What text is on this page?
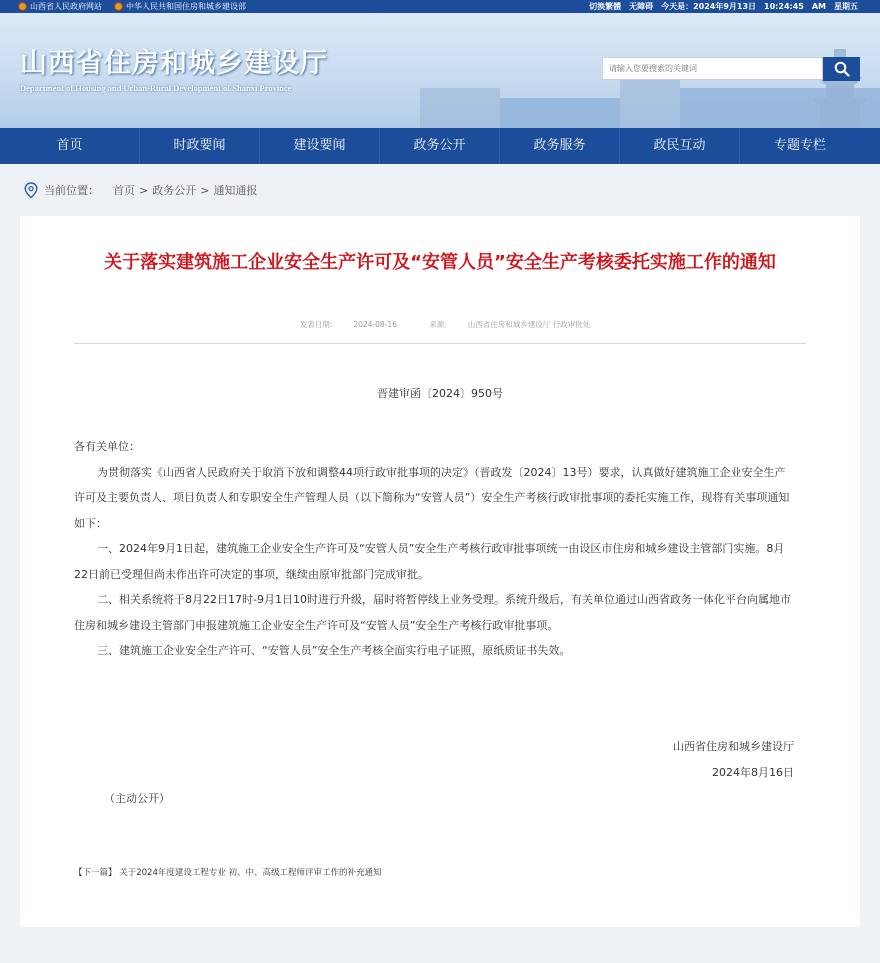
山西省人民政府网站	中华人民共和国住房和城乡建设部	切换繁體 无障碍 今天是：2024年9月13日　10:24:45　AM　星期五
山西省住房和城乡建设厅
Department of Housing and Urban-Rural Development of Shanxi Province
请输入您要搜索的关键词
首页	时政要闻	建设要闻	政务公开	政务服务	政民互动	专题专栏
当前位置： 首页 > 政务公开 > 通知通报
关于落实建筑施工企业安全生产许可及“安管人员”安全生产考核委托实施工作的通知
发表日期： 2024-08-16	来源： 山西省住房和城乡建设厅 行政审批处
晋建审函〔2024〕950号

各有关单位：

为贯彻落实《山西省人民政府关于取消下放和调整44项行政审批事项的决定》（晋政发〔2024〕13号）要求，认真做好建筑施工企业安全生产许可及主要负责人、项目负责人和专职安全生产管理人员（以下简称为“安管人员”）安全生产考核行政审批事项的委托实施工作，现将有关事项通知如下：

一、2024年9月1日起，建筑施工企业安全生产许可及“安管人员”安全生产考核行政审批事项统一由设区市住房和城乡建设主管部门实施。8月22日前已受理但尚未作出许可决定的事项，继续由原审批部门完成审批。

二、相关系统将于8月22日17时-9月1日10时进行升级，届时将暂停线上业务受理。系统升级后，有关单位通过山西省政务一体化平台向属地市住房和城乡建设主管部门申报建筑施工企业安全生产许可及“安管人员”安全生产考核行政审批事项。

三、建筑施工企业安全生产许可、“安管人员”安全生产考核全面实行电子证照，原纸质证书失效。

山西省住房和城乡建设厅
2024年8月16日
（主动公开）
【下一篇】 关于2024年度建设工程专业 初、中、高级工程师评审工作的补充通知
